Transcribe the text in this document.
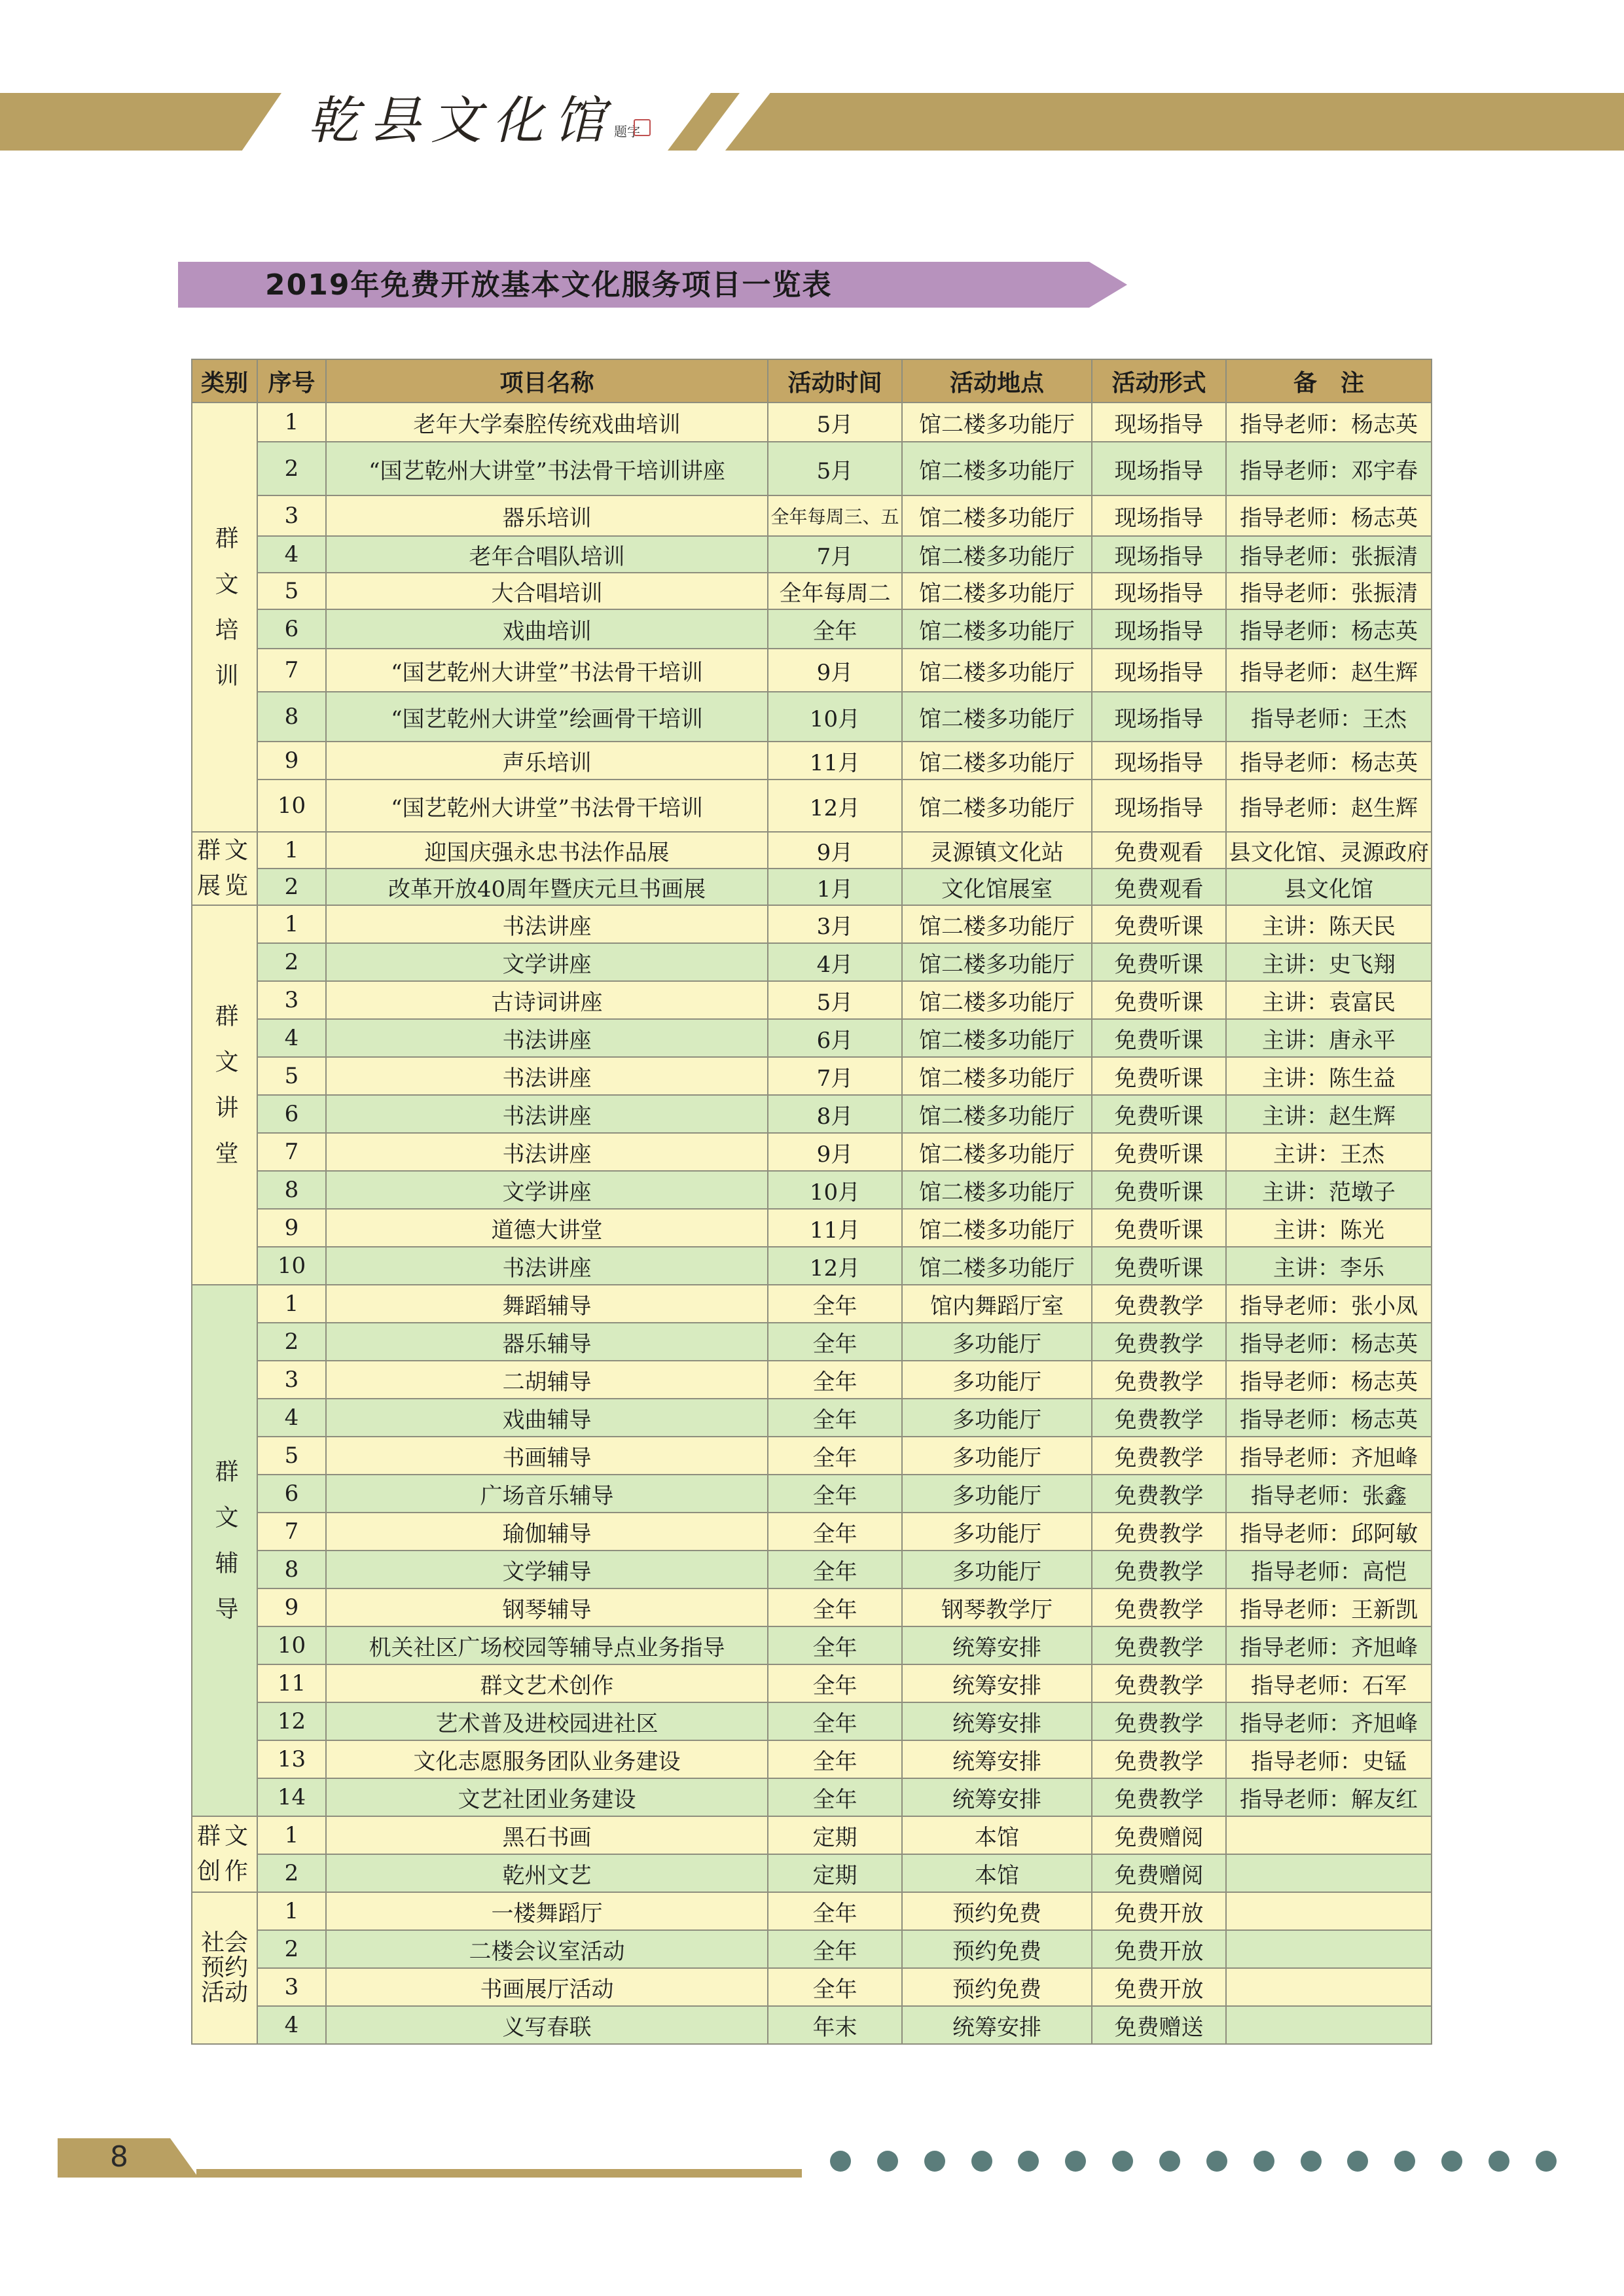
乾县文化馆
题字
2019年免费开放基本文化服务项目一览表
类别	序号	项目名称	活动时间	活动地点	活动形式	备　注
群文培训	1	老年大学秦腔传统戏曲培训	5月	馆二楼多功能厅	现场指导	指导老师：杨志英
	2	“国艺乾州大讲堂”书法骨干培训讲座	5月	馆二楼多功能厅	现场指导	指导老师：邓宇春
	3	器乐培训	全年每周三、五	馆二楼多功能厅	现场指导	指导老师：杨志英
	4	老年合唱队培训	7月	馆二楼多功能厅	现场指导	指导老师：张振清
	5	大合唱培训	全年每周二	馆二楼多功能厅	现场指导	指导老师：张振清
	6	戏曲培训	全年	馆二楼多功能厅	现场指导	指导老师：杨志英
	7	“国艺乾州大讲堂”书法骨干培训	9月	馆二楼多功能厅	现场指导	指导老师：赵生辉
	8	“国艺乾州大讲堂”绘画骨干培训	10月	馆二楼多功能厅	现场指导	指导老师：王杰
	9	声乐培训	11月	馆二楼多功能厅	现场指导	指导老师：杨志英
	10	“国艺乾州大讲堂”书法骨干培训	12月	馆二楼多功能厅	现场指导	指导老师：赵生辉
群文展览	1	迎国庆强永忠书法作品展	9月	灵源镇文化站	免费观看	县文化馆、灵源政府
	2	改革开放40周年暨庆元旦书画展	1月	文化馆展室	免费观看	县文化馆
群文讲堂	1	书法讲座	3月	馆二楼多功能厅	免费听课	主讲：陈天民
	2	文学讲座	4月	馆二楼多功能厅	免费听课	主讲：史飞翔
	3	古诗词讲座	5月	馆二楼多功能厅	免费听课	主讲：袁富民
	4	书法讲座	6月	馆二楼多功能厅	免费听课	主讲：唐永平
	5	书法讲座	7月	馆二楼多功能厅	免费听课	主讲：陈生益
	6	书法讲座	8月	馆二楼多功能厅	免费听课	主讲：赵生辉
	7	书法讲座	9月	馆二楼多功能厅	免费听课	主讲：王杰
	8	文学讲座	10月	馆二楼多功能厅	免费听课	主讲：范墩子
	9	道德大讲堂	11月	馆二楼多功能厅	免费听课	主讲：陈光
	10	书法讲座	12月	馆二楼多功能厅	免费听课	主讲：李乐
群文辅导	1	舞蹈辅导	全年	馆内舞蹈厅室	免费教学	指导老师：张小凤
	2	器乐辅导	全年	多功能厅	免费教学	指导老师：杨志英
	3	二胡辅导	全年	多功能厅	免费教学	指导老师：杨志英
	4	戏曲辅导	全年	多功能厅	免费教学	指导老师：杨志英
	5	书画辅导	全年	多功能厅	免费教学	指导老师：齐旭峰
	6	广场音乐辅导	全年	多功能厅	免费教学	指导老师：张鑫
	7	瑜伽辅导	全年	多功能厅	免费教学	指导老师：邱阿敏
	8	文学辅导	全年	多功能厅	免费教学	指导老师：高恺
	9	钢琴辅导	全年	钢琴教学厅	免费教学	指导老师：王新凯
	10	机关社区广场校园等辅导点业务指导	全年	统筹安排	免费教学	指导老师：齐旭峰
	11	群文艺术创作	全年	统筹安排	免费教学	指导老师：石军
	12	艺术普及进校园进社区	全年	统筹安排	免费教学	指导老师：齐旭峰
	13	文化志愿服务团队业务建设	全年	统筹安排	免费教学	指导老师：史锰
	14	文艺社团业务建设	全年	统筹安排	免费教学	指导老师：解友红
群文创作	1	黑石书画	定期	本馆	免费赠阅	
	2	乾州文艺	定期	本馆	免费赠阅	
社会预约活动	1	一楼舞蹈厅	全年	预约免费	免费开放	
	2	二楼会议室活动	全年	预约免费	免费开放	
	3	书画展厅活动	全年	预约免费	免费开放	
	4	义写春联	年末	统筹安排	免费赠送	
8
